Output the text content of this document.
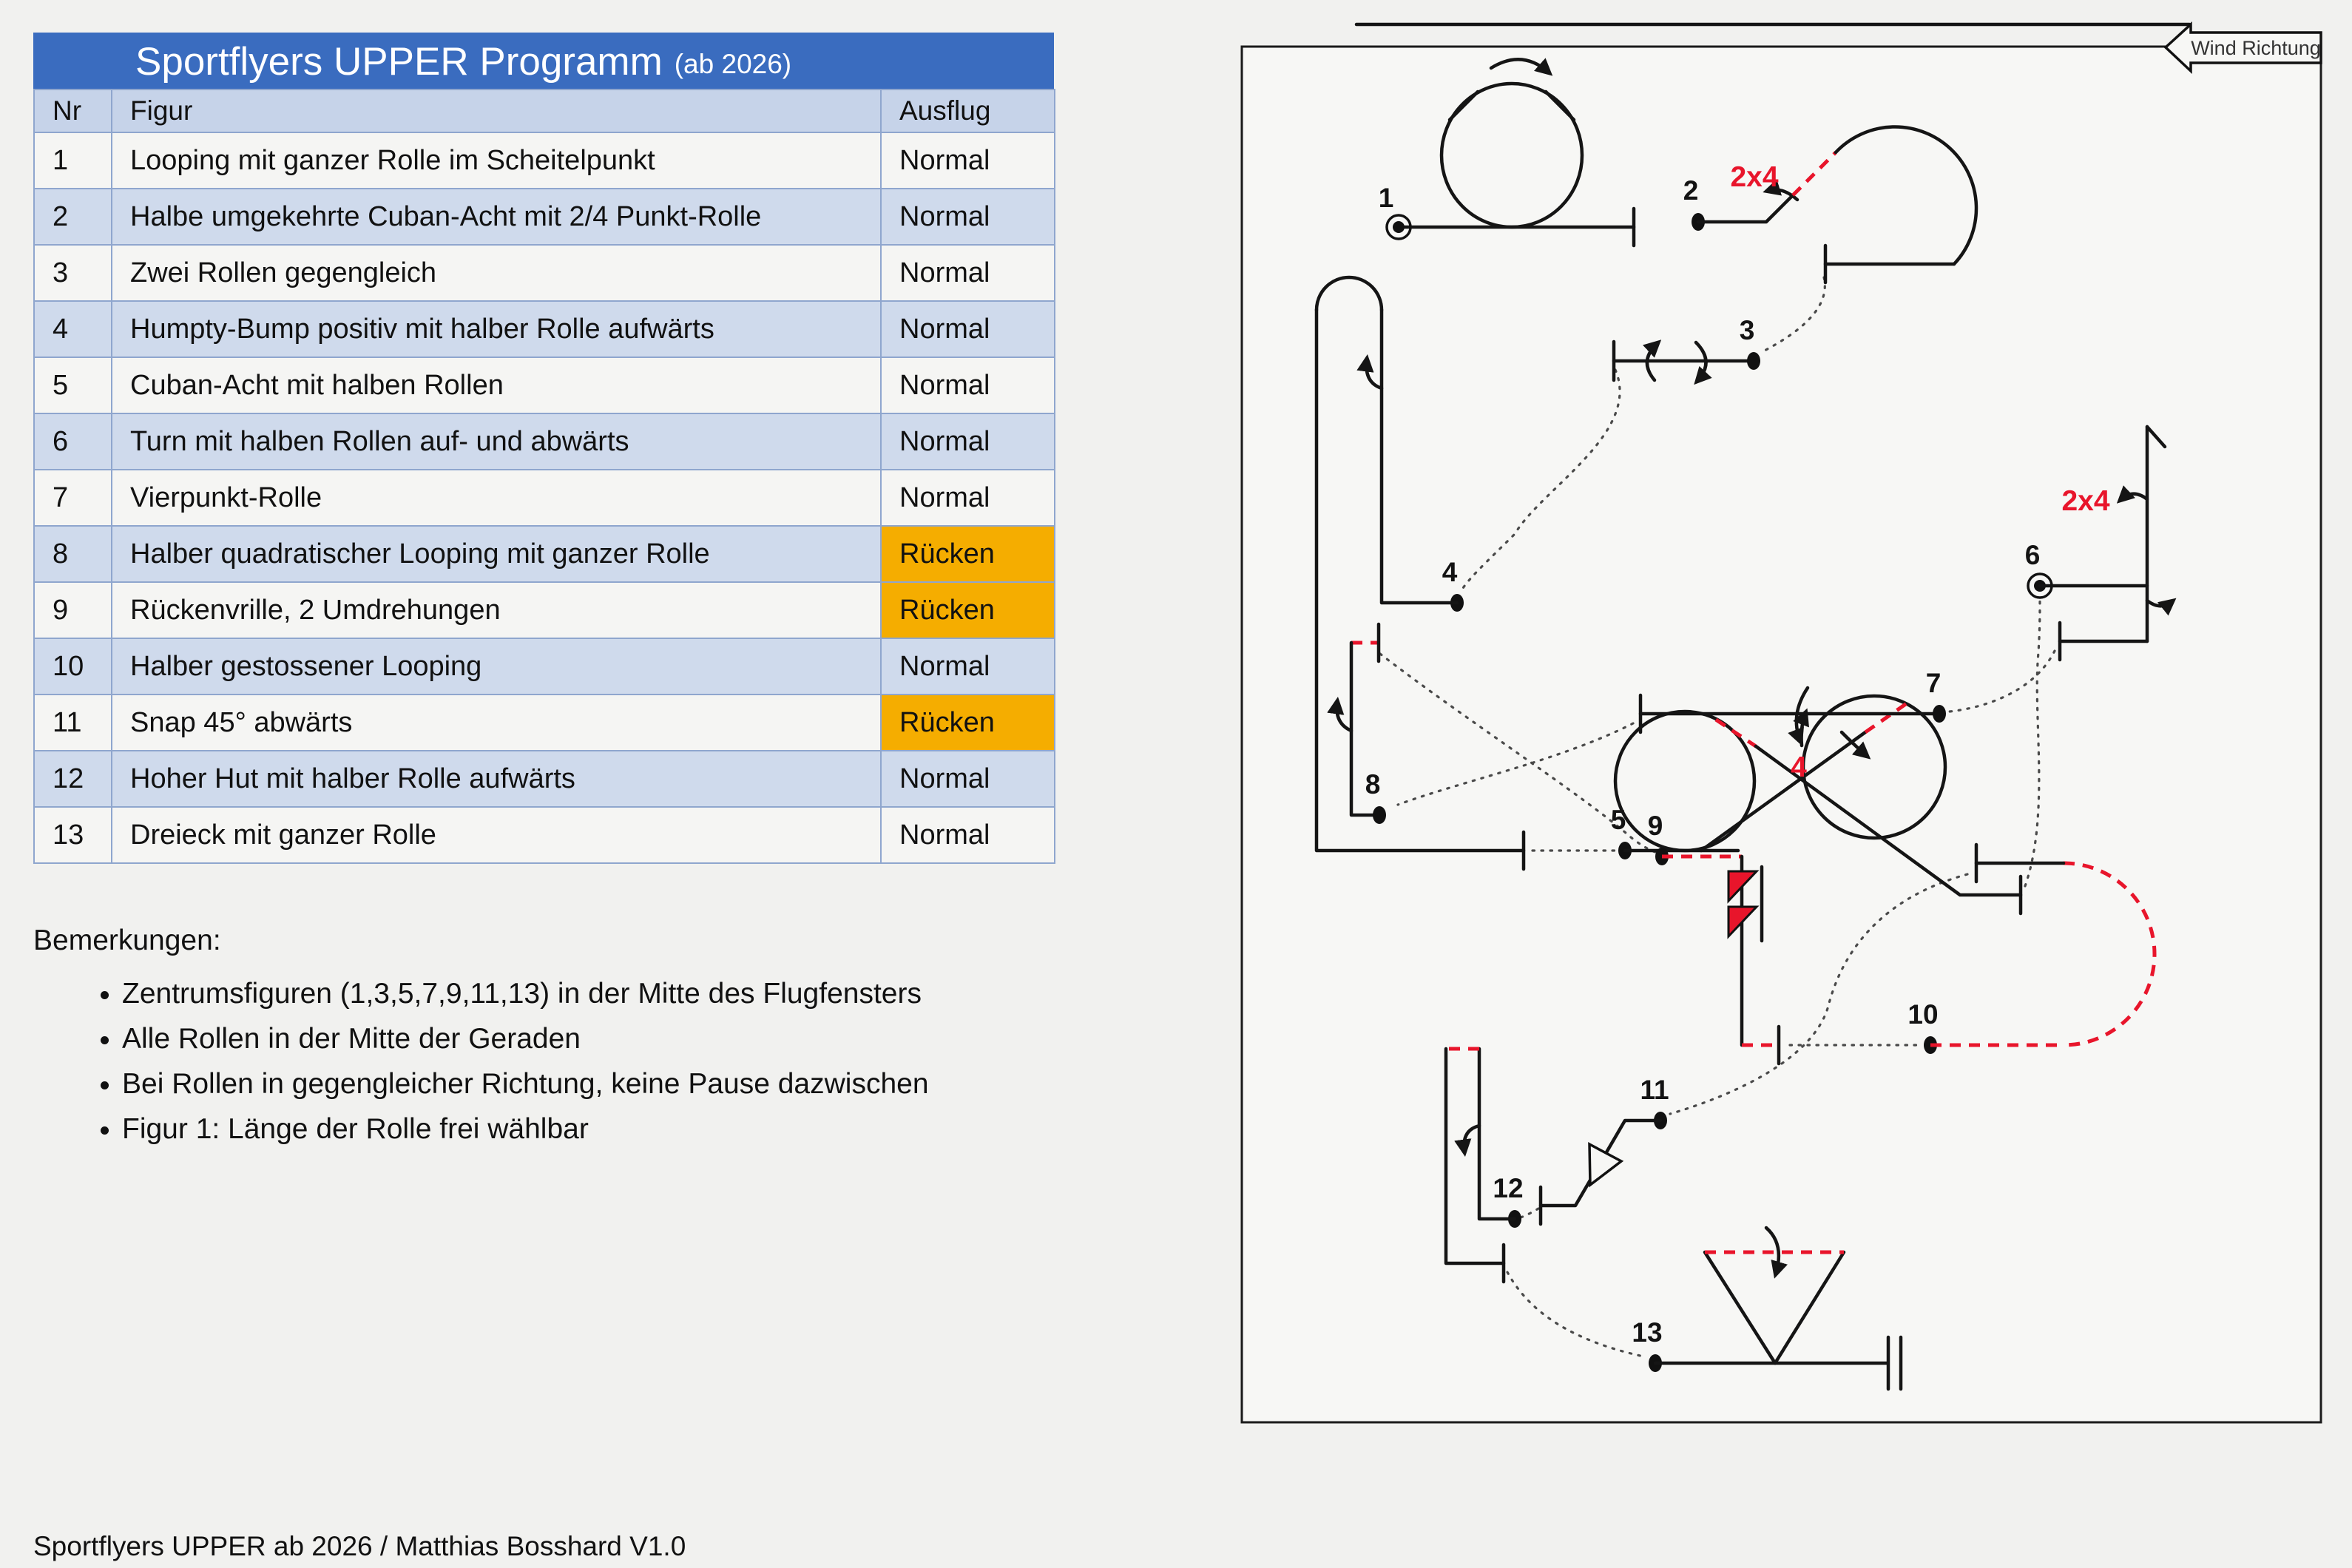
Sportflyers UPPER Programm (ab 2026)
Nr	Figur	Ausflug
1	Looping mit ganzer Rolle im Scheitelpunkt	Normal
2	Halbe umgekehrte Cuban-Acht mit 2/4 Punkt-Rolle	Normal
3	Zwei Rollen gegengleich	Normal
4	Humpty-Bump positiv mit halber Rolle aufwärts	Normal
5	Cuban-Acht mit halben Rollen	Normal
6	Turn mit halben Rollen auf- und abwärts	Normal
7	Vierpunkt-Rolle	Normal
8	Halber quadratischer Looping mit ganzer Rolle	Rücken
9	Rückenvrille, 2 Umdrehungen	Rücken
10	Halber gestossener Looping	Normal
11	Snap 45° abwärts	Rücken
12	Hoher Hut mit halber Rolle aufwärts	Normal
13	Dreieck mit ganzer Rolle	Normal
Bemerkungen:
• Zentrumsfiguren (1,3,5,7,9,11,13) in der Mitte des Flugfensters
• Alle Rollen in der Mitte der Geraden
• Bei Rollen in gegengleicher Richtung, keine Pause dazwischen
• Figur 1: Länge der Rolle frei wählbar
Sportflyers UPPER ab 2026 / Matthias Bosshard V1.0
Wind Richtung
1	2 2x4
3
4
5
6
2x4
7
4
8
9
10
11
12
13
